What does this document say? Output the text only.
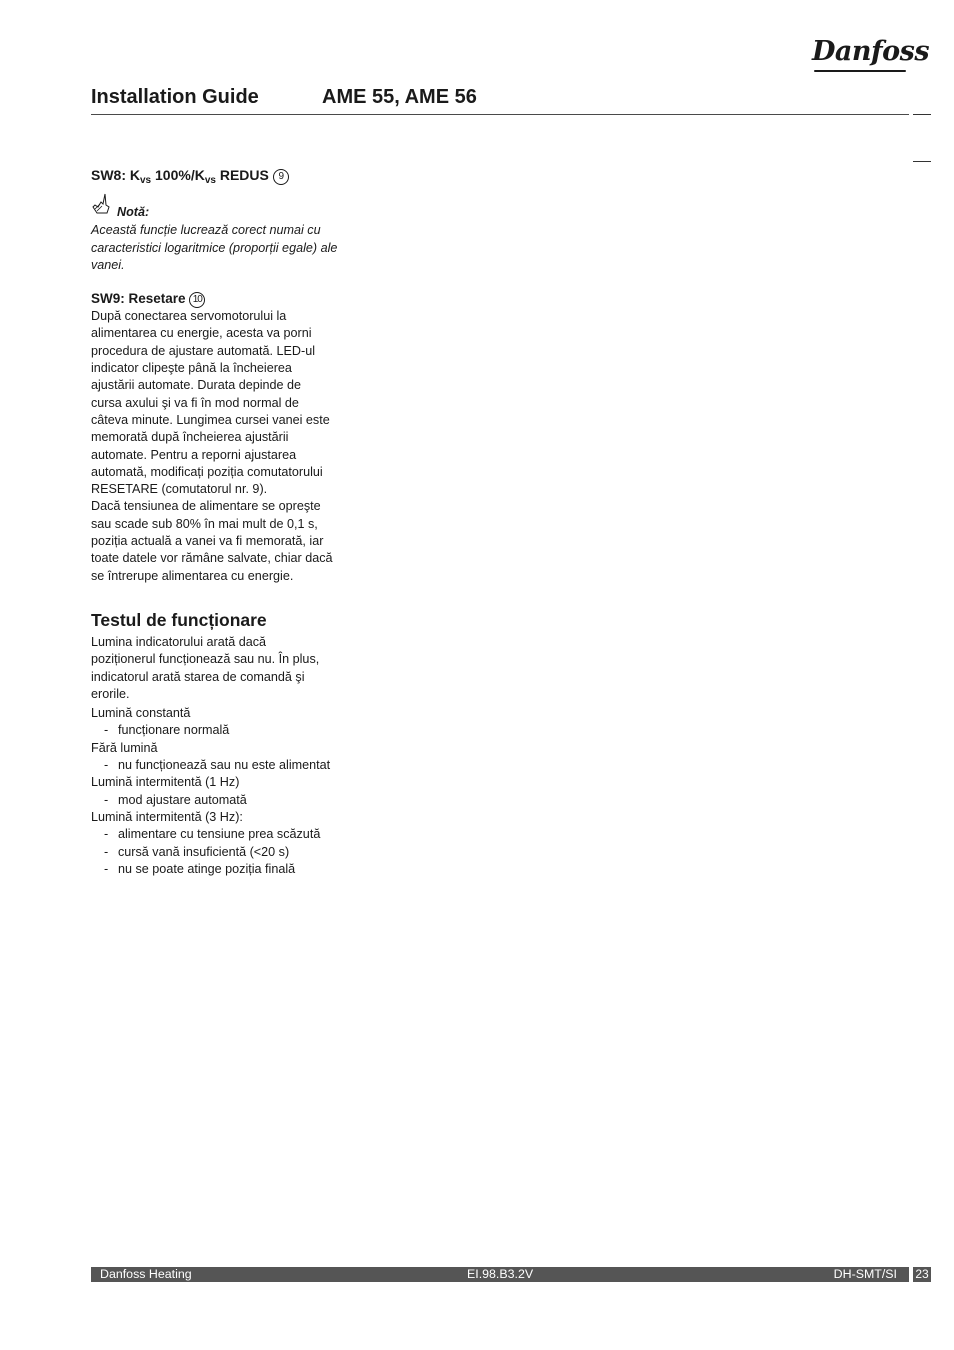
Danfoss
Installation Guide	AME 55, AME 56

SW8: $K_{vs}$ $100\%/K_{vs}$ REDUS 9

Notă:

Această funcție lucrează corect numai cu caracteristici logaritmice (proporții egale) ale vanei.

SW9: Resetare 10

După conectarea servomotorului la

alimentarea cu energie, acesta va porni

procedura de ajustare automată. LED-ul

indicator clipeşte până la încheierea

ajustării automate. Durata depinde de

cursa axului şi va fi în mod normal de

câteva minute. Lungimea cursei vanei este

memorată după încheierea ajustării

automate. Pentru a reporni ajustarea

automată, modificați poziția comutatorului

RESETARE (comutatorul nr. 9).

Dacă tensiunea de alimentare se opreşte

sau scade sub 80% în mai mult de 0,1 s,

poziția actuală a vanei va fi memorată, iar

toate datele vor rămâne salvate, chiar dacă

se întrerupe alimentarea cu energie.

Testul de funcționare

Lumina indicatorului arată dacă

poziționerul funcționează sau nu. În plus,

indicatorul arată starea de comandă şi

erorile.

Lumină constantă

- funcționare normală

Fără lumină

- nu funcționează sau nu este alimentat

Lumină intermitentă (1 Hz)

- mod ajustare automată

Lumină intermitentă (3 Hz):

- alimentare cu tensiune prea scăzută

- cursă vană insuficientă (<20 s)

- nu se poate atinge poziția finală

Danfoss Heating	EI.98.B3.2V	DH-SMT/SI 23
